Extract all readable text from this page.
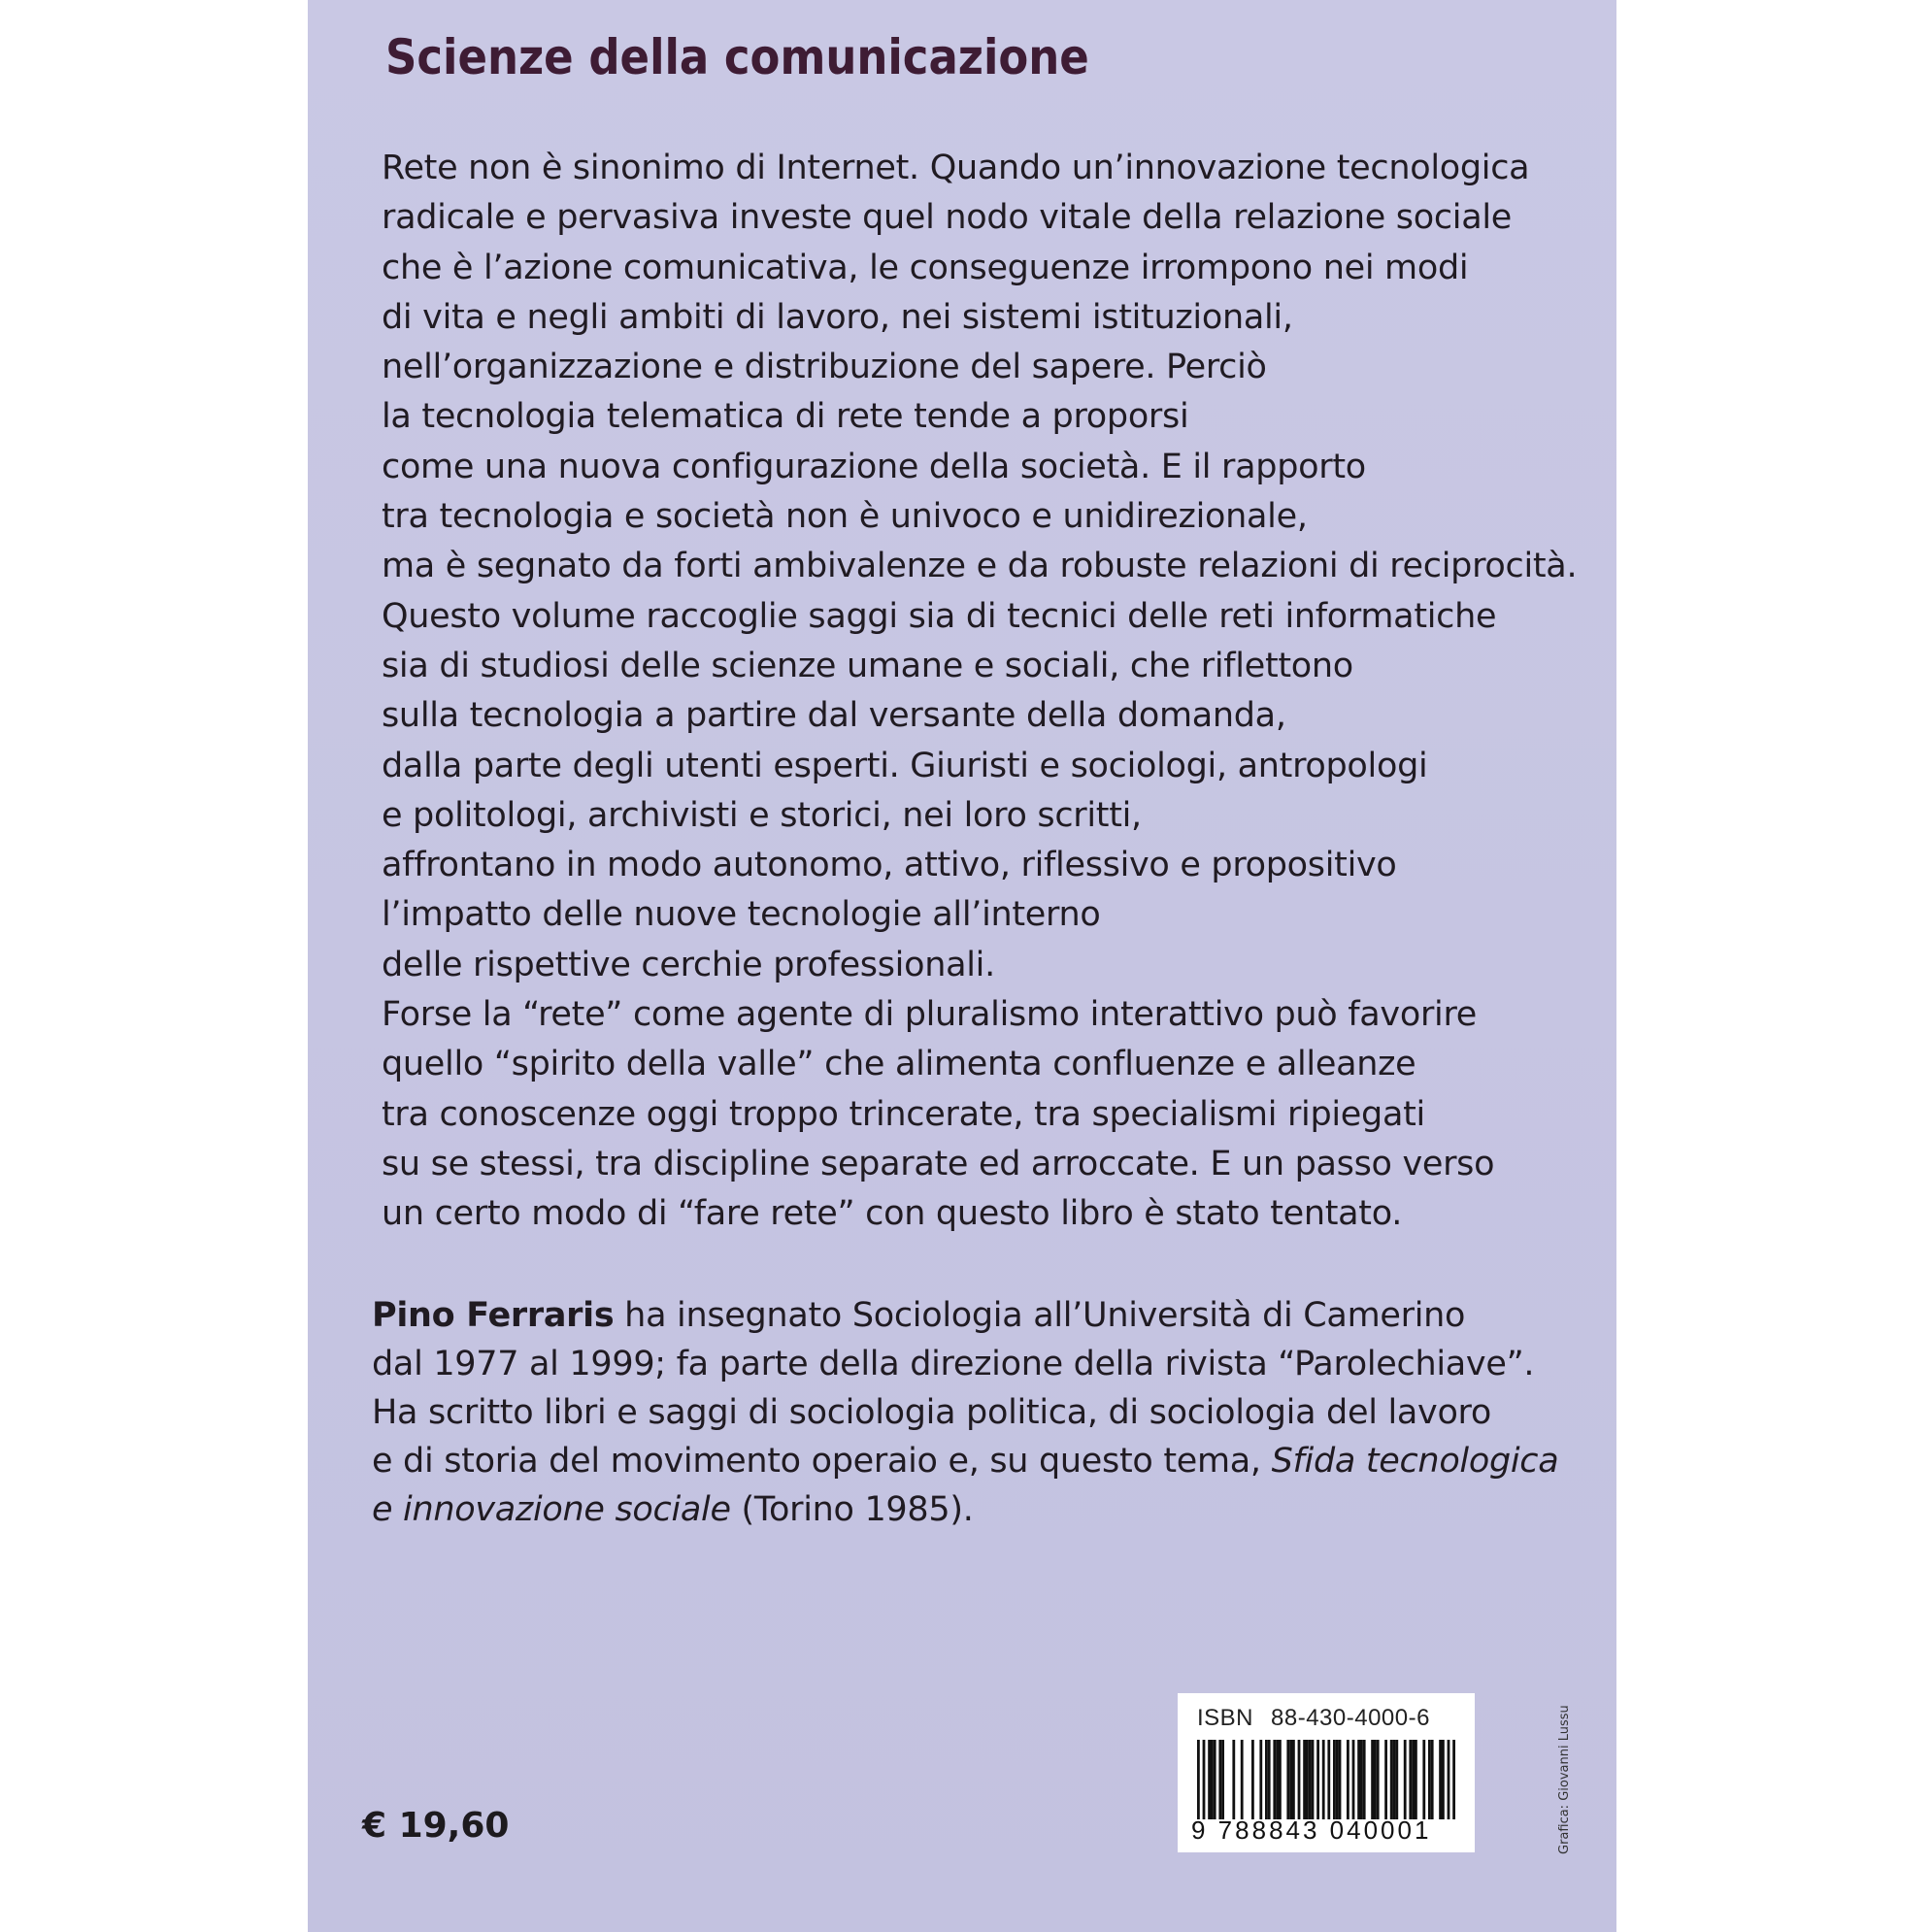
Scienze della comunicazione
Rete non è sinonimo di Internet. Quando un’innovazione tecnologica
radicale e pervasiva investe quel nodo vitale della relazione sociale
che è l’azione comunicativa, le conseguenze irrompono nei modi
di vita e negli ambiti di lavoro, nei sistemi istituzionali,
nell’organizzazione e distribuzione del sapere. Perciò
la tecnologia telematica di rete tende a proporsi
come una nuova configurazione della società. E il rapporto
tra tecnologia e società non è univoco e unidirezionale,
ma è segnato da forti ambivalenze e da robuste relazioni di reciprocità.
Questo volume raccoglie saggi sia di tecnici delle reti informatiche
sia di studiosi delle scienze umane e sociali, che riflettono
sulla tecnologia a partire dal versante della domanda,
dalla parte degli utenti esperti. Giuristi e sociologi, antropologi
e politologi, archivisti e storici, nei loro scritti,
affrontano in modo autonomo, attivo, riflessivo e propositivo
l’impatto delle nuove tecnologie all’interno
delle rispettive cerchie professionali.
Forse la “rete” come agente di pluralismo interattivo può favorire
quello “spirito della valle” che alimenta confluenze e alleanze
tra conoscenze oggi troppo trincerate, tra specialismi ripiegati
su se stessi, tra discipline separate ed arroccate. E un passo verso
un certo modo di “fare rete” con questo libro è stato tentato.
Pino Ferraris ha insegnato Sociologia all’Università di Camerino
dal 1977 al 1999; fa parte della direzione della rivista “Parolechiave”.
Ha scritto libri e saggi di sociologia politica, di sociologia del lavoro
e di storia del movimento operaio e, su questo tema, Sfida tecnologica
e innovazione sociale (Torino 1985).
€ 19,60
ISBN 88-430-4000-6
9 788843 040001	Grafica: Giovanni Lussu
